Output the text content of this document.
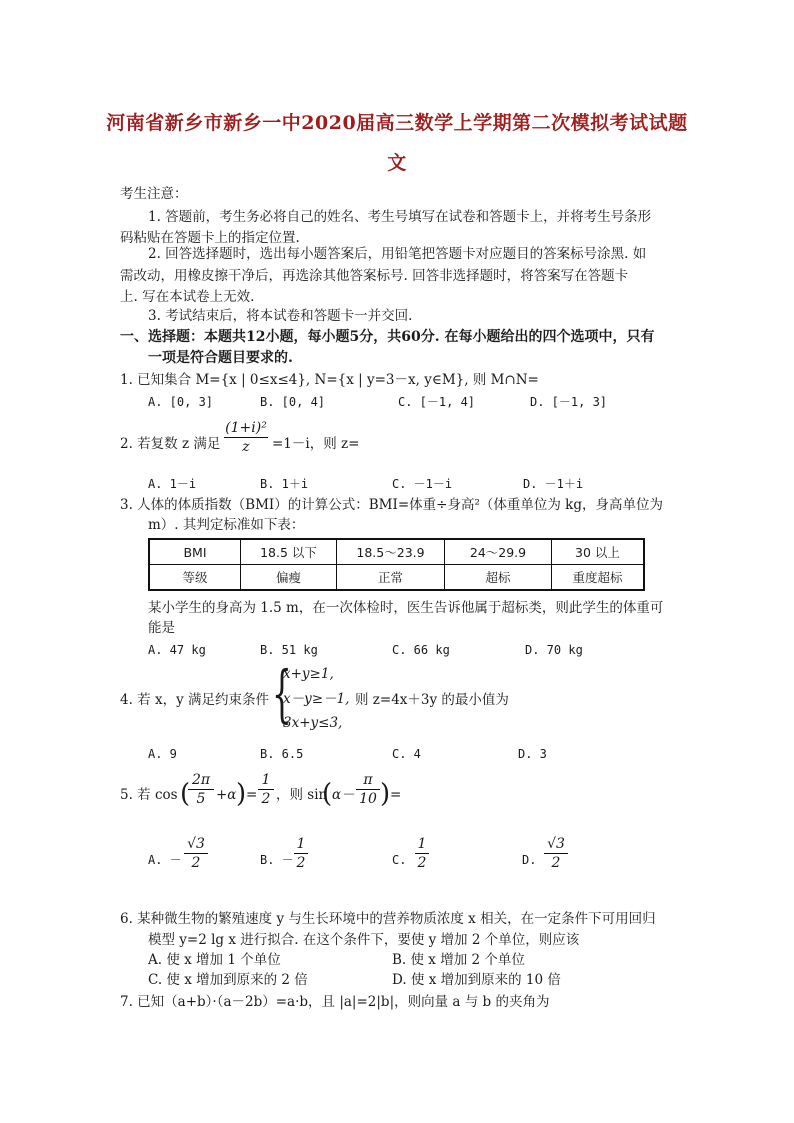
河南省新乡市新乡一中2020届高三数学上学期第二次模拟考试试题
文
考生注意：
1. 答题前，考生务必将自己的姓名、考生号填写在试卷和答题卡上，并将考生号条形
码粘贴在答题卡上的指定位置.
2. 回答选择题时，选出每小题答案后，用铅笔把答题卡对应题目的答案标号涂黑. 如
需改动，用橡皮擦干净后，再选涂其他答案标号. 回答非选择题时，将答案写在答题卡
上. 写在本试卷上无效.
3. 考试结束后，将本试卷和答题卡一并交回.
一、选择题：本题共12小题，每小题5分，共60分. 在每小题给出的四个选项中，只有
一项是符合题目要求的.
1. 已知集合 M={x | 0≤x≤4}, N={x | y=3－x, y∈M}, 则 M∩N=
A. [0, 3]	B. [0, 4]	C. [－1, 4]	D. [－1, 3]
2. 若复数 z 满足
(1+i)²
z	=1－i，则 z=
A. 1－i	B. 1＋i	C. －1－i	D. －1＋i
3. 人体的体质指数（BMI）的计算公式：BMI=体重÷身高²（体重单位为 kg，身高单位为
m）. 其判定标准如下表：
BMI	18.5 以下	18.5～23.9	24～29.9	30 以上
等级	偏瘦	正常	超标	重度超标
某小学生的身高为 1.5 m，在一次体检时，医生告诉他属于超标类，则此学生的体重可
能是
A. 47 kg	B. 51 kg	C. 66 kg	D. 70 kg
4. 若 x，y 满足约束条件 {
x+y≥1,
x－y≥－1,
3x+y≤3,
则 z=4x＋3y 的最小值为
A. 9	B. 6.5	C. 4	D. 3
5. 若 cos ( 2π
5 +α ) =
1
2 ，则 sin
( α－
π
10 ) =
A. －
√3
2	B. －
1
2	C.
1
2	D.
√3
2
6. 某种微生物的繁殖速度 y 与生长环境中的营养物质浓度 x 相关，在一定条件下可用回归
模型 y=2 lg x 进行拟合. 在这个条件下，要使 y 增加 2 个单位，则应该
A. 使 x 增加 1 个单位	B. 使 x 增加 2 个单位
C. 使 x 增加到原来的 2 倍	D. 使 x 增加到原来的 10 倍
7. 已知（a+b）·（a－2b）=a·b，且 |a|=2|b|，则向量 a 与 b 的夹角为
